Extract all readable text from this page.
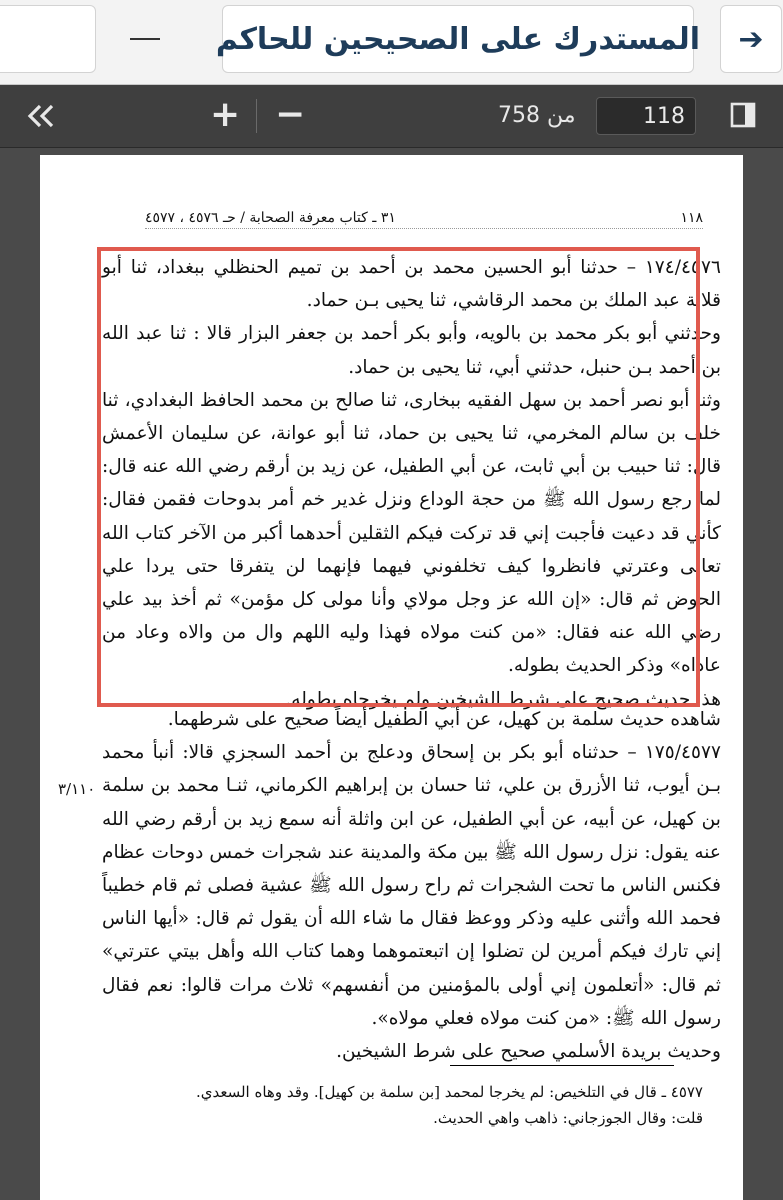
➔
المستدرك على الصحيحين للحاكم
+ −	من 758
118
١١٨
٣١ ـ كتاب معرفة الصحابة / حـ ٤٥٧٦ ، ٤٥٧٧

١٧٤/٤٥٧٦ – حدثنا أبو الحسين محمد بن أحمد بن تميم الحنظلي ببغداد، ثنا أبو قلابة عبد الملك بن محمد الرقاشي، ثنا يحيى بـن حماد.

وحدثني أبو بكر محمد بن بالويه، وأبو بكر أحمد بن جعفر البزار قالا : ثنا عبد الله بن أحمد بـن حنبل، حدثني أبي، ثنا يحيى بن حماد.

وثنا أبو نصر أحمد بن سهل الفقيه ببخارى، ثنا صالح بن محمد الحافظ البغدادي، ثنا خلف بن سالم المخرمي، ثنا يحيى بن حماد، ثنا أبو عوانة، عن سليمان الأعمش قال: ثنا حبيب بن أبي ثابت، عن أبي الطفيل، عن زيد بن أرقم رضي الله عنه قال: لما رجع رسول الله ﷺ من حجة الوداع ونزل غدير خم أمر بدوحات فقمن فقال: كأني قد دعيت فأجبت إني قد تركت فيكم الثقلين أحدهما أكبر من الآخر كتاب الله تعالى وعترتي فانظروا كيف تخلفوني فيهما فإنهما لن يتفرقا حتى يردا علي الحوض ثم قال: «إن الله عز وجل مولاي وأنا مولى كل مؤمن» ثم أخذ بيد علي رضي الله عنه فقال: «من كنت مولاه فهذا وليه اللهم وال من والاه وعاد من عاداه» وذكر الحديث بطوله.

هذا حديث صحيح على شرط الشيخين ولم يخرجاه بطوله.

شاهده حديث سلمة بن كهيل، عن أبي الطفيل أيضاً صحيح على شرطهما.

١٧٥/٤٥٧٧ – حدثناه أبو بكر بن إسحاق ودعلج بن أحمد السجزي قالا: أنبأ محمد بـن أيوب، ثنا الأزرق بن علي، ثنا حسان بن إبراهيم الكرماني، ثنـا محمد بن سلمة بن كهيل، عن أبيه، عن أبي الطفيل، عن ابن واثلة أنه سمع زيد بن أرقم رضي الله عنه يقول: نزل رسول الله ﷺ بين مكة والمدينة عند شجرات خمس دوحات عظام فكنس الناس ما تحت الشجرات ثم راح رسول الله ﷺ عشية فصلى ثم قام خطيباً فحمد الله وأثنى عليه وذكر ووعظ فقال ما شاء الله أن يقول ثم قال: «أيها الناس إني تارك فيكم أمرين لن تضلوا إن اتبعتموهما وهما كتاب الله وأهل بيتي عترتي» ثم قال: «أتعلمون إني أولى بالمؤمنين من أنفسهم» ثلاث مرات قالوا: نعم فقال رسول الله ﷺ: «من كنت مولاه فعلي مولاه».

وحديث بريدة الأسلمي صحيح على شرط الشيخين.

٣/١١٠

٤٥٧٧ ـ قال في التلخيص: لم يخرجا لمحمد [بن سلمة بن كهيل]. وقد وهاه السعدي.

قلت: وقال الجوزجاني: ذاهب واهي الحديث.
